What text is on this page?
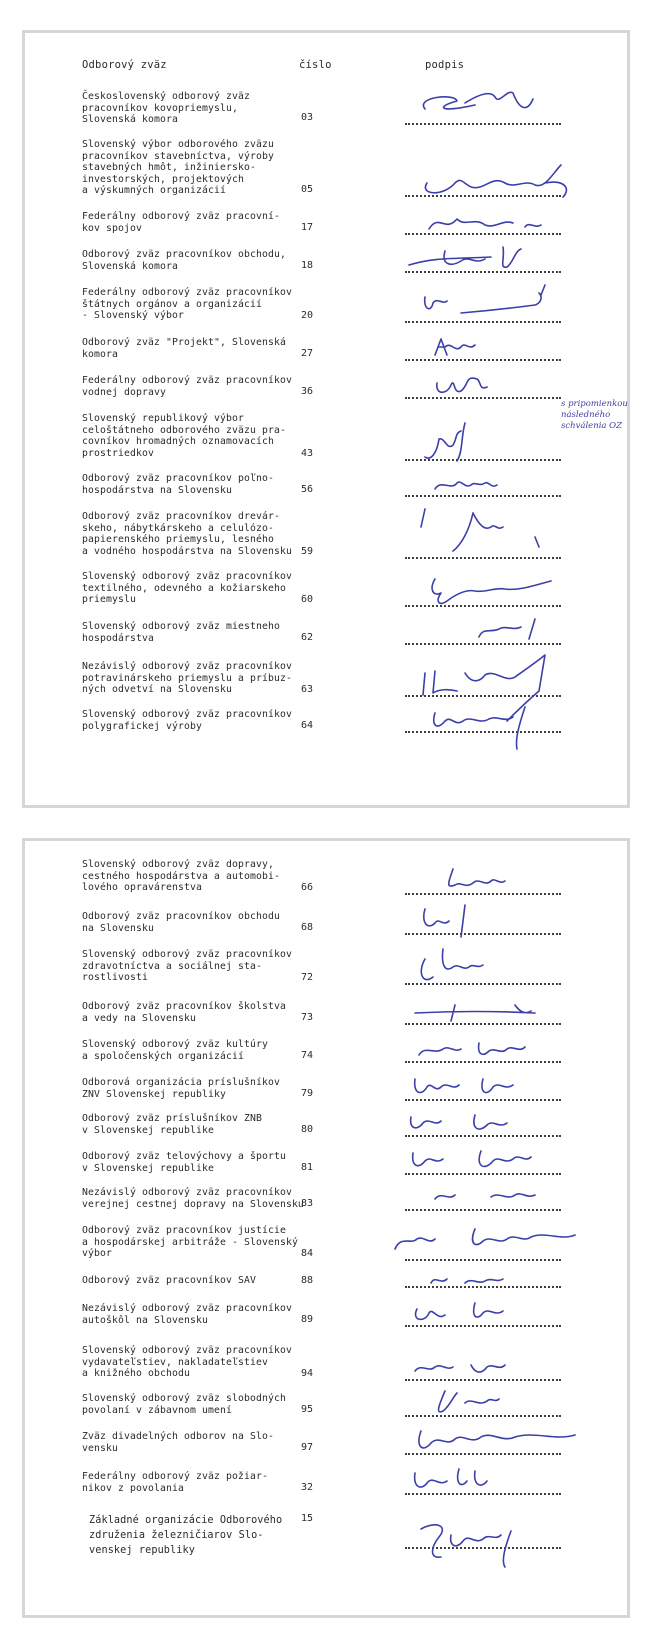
Odborový zväz	číslo	podpis
Československý odborový zväz
pracovníkov kovopriemyslu,
Slovenská komora	03
Slovenský výbor odborového zväzu
pracovníkov stavebníctva, výroby
stavebných hmôt, inžiniersko-
investorských, projektových
a výskumných organizácií	05
Federálny odborový zväz pracovní-
kov spojov	17
Odborový zväz pracovníkov obchodu,
Slovenská komora	18
Federálny odborový zväz pracovníkov
štátnych orgánov a organizácií
- Slovenský výbor	20
Odborový zväz "Projekt", Slovenská
komora	27
Federálny odborový zväz pracovníkov
vodnej dopravy	36
Slovenský republikový výbor
celoštátneho odborového zväzu pra-
covníkov hromadných oznamovacích
prostriedkov	43
s pripomienkou
následného
schválenia OZ
Odborový zväz pracovníkov poľno-
hospodárstva na Slovensku	56
Odborový zväz pracovníkov drevár-
skeho, nábytkárskeho a celulózo-
papierenského priemyslu, lesného
a vodného hospodárstva na Slovensku 59
Slovenský odborový zväz pracovníkov
textilného, odevného a kožiarskeho
priemyslu	60
Slovenský odborový zväz miestneho
hospodárstva	62
Nezávislý odborový zväz pracovníkov
potravinárskeho priemyslu a príbuz-
ných odvetví na Slovensku	63
Slovenský odborový zväz pracovníkov
polygrafickej výroby	64
Slovenský odborový zväz dopravy,
cestného hospodárstva a automobi-
lového opravárenstva	66
Odborový zväz pracovníkov obchodu
na Slovensku	68
Slovenský odborový zväz pracovníkov
zdravotníctva a sociálnej sta-
rostlivosti	72
Odborový zväz pracovníkov školstva
a vedy na Slovensku	73
Slovenský odborový zväz kultúry
a spoločenských organizácií	74
Odborová organizácia príslušníkov
ZNV Slovenskej republiky	79
Odborový zväz príslušníkov ZNB
v Slovenskej republike	80
Odborový zväz telovýchovy a športu
v Slovenskej republike	81
Nezávislý odborový zväz pracovníkov
verejnej cestnej dopravy na Slovensku
83
Odborový zväz pracovníkov justície
a hospodárskej arbitráže - Slovenský
výbor	84
Odborový zväz pracovníkov SAV	88
Nezávislý odborový zväz pracovníkov
autoškôl na Slovensku	89
Slovenský odborový zväz pracovníkov
vydavateľstiev, nakladateľstiev
a knižného obchodu	94
Slovenský odborový zväz slobodných
povolaní v zábavnom umení	95
Zväz divadelných odborov na Slo-
vensku	97
Federálny odborový zväz požiar-
nikov z povolania	32
Základné organizácie Odborového
združenia železničiarov Slo-
venskej republiky
15
